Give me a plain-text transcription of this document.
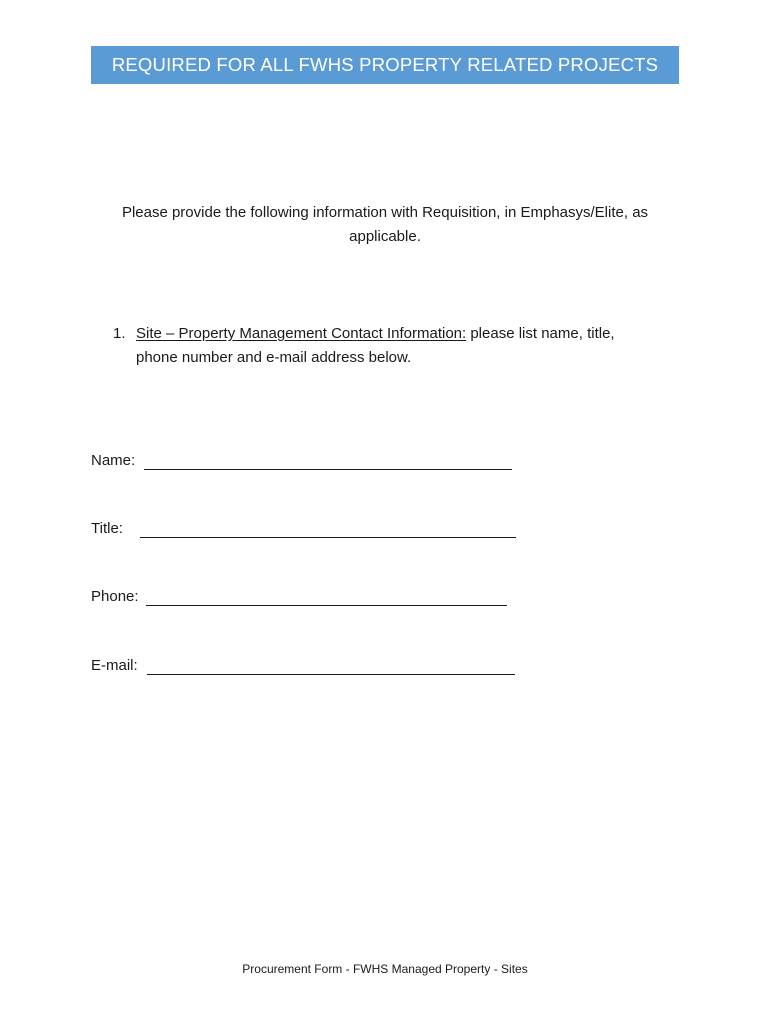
REQUIRED FOR ALL FWHS PROPERTY RELATED PROJECTS
Please provide the following information with Requisition, in Emphasys/Elite, as
applicable.
1. Site – Property Management Contact Information: please list name, title,
phone number and e-mail address below.
Name:
Title:
Phone:
E-mail:
Procurement Form - FWHS Managed Property - Sites
